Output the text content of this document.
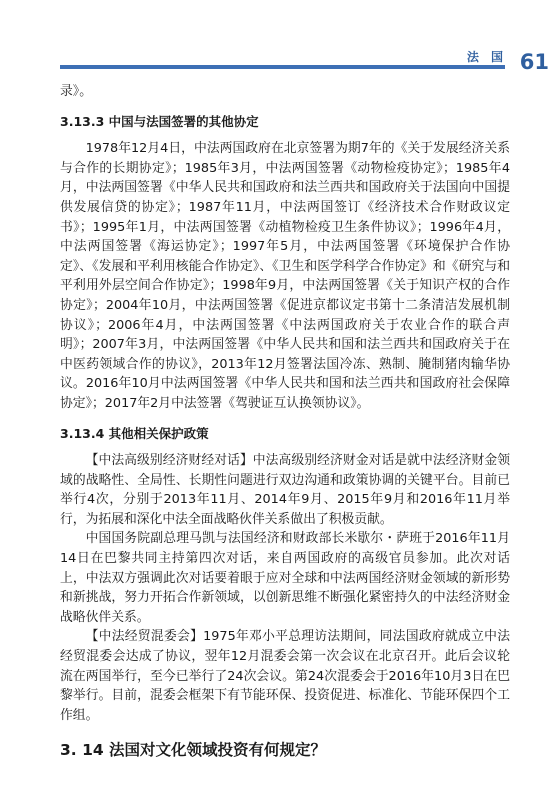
法 国 61

录》。

3.13.3 中国与法国签署的其他协定

1978年12月4日，中法两国政府在北京签署为期7年的《关于发展经济关系与合作的长期协定》；1985年3月，中法两国签署《动物检疫协定》；1985年4月，中法两国签署《中华人民共和国政府和法兰西共和国政府关于法国向中国提供发展信贷的协定》；1987年11月，中法两国签订《经济技术合作财政议定书》；1995年1月，中法两国签署《动植物检疫卫生条件协议》；1996年4月，中法两国签署《海运协定》；1997年5月，中法两国签署《环境保护合作协定》、《发展和平利用核能合作协定》、《卫生和医学科学合作协定》和《研究与和平利用外层空间合作协定》；1998年9月，中法两国签署《关于知识产权的合作协定》；2004年10月，中法两国签署《促进京都议定书第十二条清洁发展机制协议》；2006年4月，中法两国签署《中法两国政府关于农业合作的联合声明》；2007年3月，中法两国签署《中华人民共和国和法兰西共和国政府关于在中医药领域合作的协议》，2013年12月签署法国冷冻、熟制、腌制猪肉输华协议。2016年10月中法两国签署《中华人民共和国和法兰西共和国政府社会保障协定》；2017年2月中法签署《驾驶证互认换领协议》。

3.13.4 其他相关保护政策

【中法高级别经济财经对话】中法高级别经济财金对话是就中法经济财金领域的战略性、全局性、长期性问题进行双边沟通和政策协调的关键平台。目前已举行4次，分别于2013年11月、2014年9月、2015年9月和2016年11月举行，为拓展和深化中法全面战略伙伴关系做出了积极贡献。

中国国务院副总理马凯与法国经济和财政部长米歇尔・萨班于2016年11月14日在巴黎共同主持第四次对话，来自两国政府的高级官员参加。此次对话上，中法双方强调此次对话要着眼于应对全球和中法两国经济财金领域的新形势和新挑战，努力开拓合作新领域，以创新思维不断强化紧密持久的中法经济财金战略伙伴关系。

【中法经贸混委会】1975年邓小平总理访法期间，同法国政府就成立中法经贸混委会达成了协议，翌年12月混委会第一次会议在北京召开。此后会议轮流在两国举行，至今已举行了24次会议。第24次混委会于2016年10月3日在巴黎举行。目前，混委会框架下有节能环保、投资促进、标准化、节能环保四个工作组。

3. 14 法国对文化领域投资有何规定？
